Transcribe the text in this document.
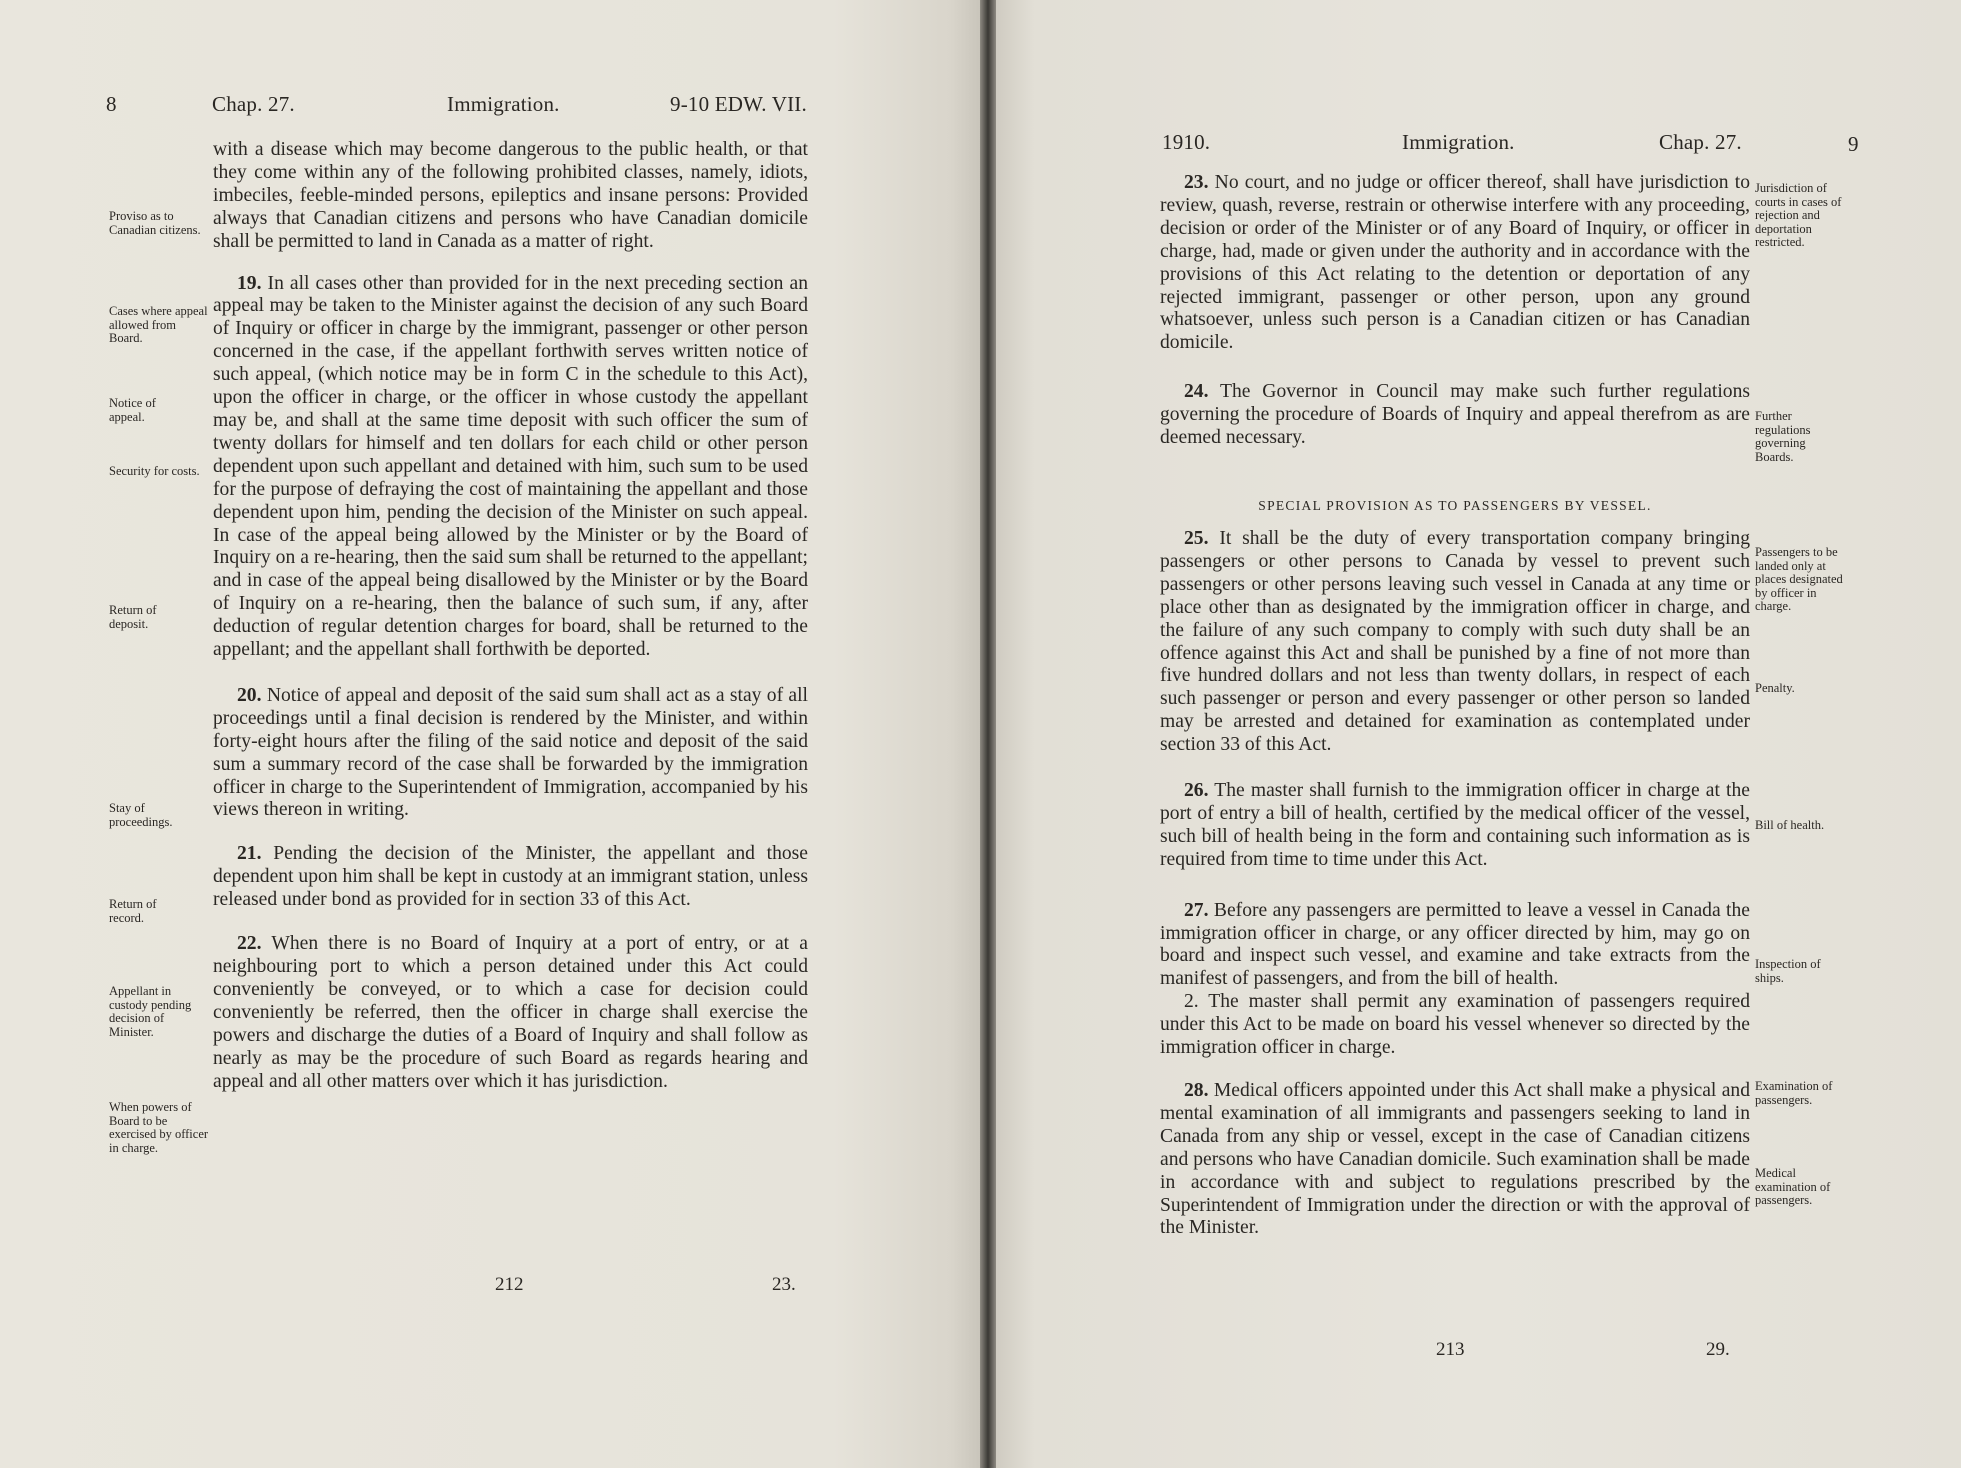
8	Chap. 27.	Immigration.	9-10 EDW. VII.

with a disease which may become dangerous to the public health, or that they come within any of the following prohibited classes, namely, idiots, imbeciles, feeble-minded persons, epileptics and insane persons: Provided always that Canadian citizens and persons who have Canadian domicile shall be permitted to land in Canada as a matter of right.

19. In all cases other than provided for in the next preceding section an appeal may be taken to the Minister against the decision of any such Board of Inquiry or officer in charge by the immigrant, passenger or other person concerned in the case, if the appellant forthwith serves written notice of such appeal, (which notice may be in form C in the schedule to this Act), upon the officer in charge, or the officer in whose custody the appellant may be, and shall at the same time deposit with such officer the sum of twenty dollars for himself and ten dollars for each child or other person dependent upon such appellant and detained with him, such sum to be used for the purpose of defraying the cost of maintaining the appellant and those dependent upon him, pending the decision of the Minister on such appeal. In case of the appeal being allowed by the Minister or by the Board of Inquiry on a re-hearing, then the said sum shall be returned to the appellant; and in case of the appeal being disallowed by the Minister or by the Board of Inquiry on a re-hearing, then the balance of such sum, if any, after deduction of regular detention charges for board, shall be returned to the appellant; and the appellant shall forthwith be deported.

20. Notice of appeal and deposit of the said sum shall act as a stay of all proceedings until a final decision is rendered by the Minister, and within forty-eight hours after the filing of the said notice and deposit of the said sum a summary record of the case shall be forwarded by the immigration officer in charge to the Superintendent of Immigration, accompanied by his views thereon in writing.

21. Pending the decision of the Minister, the appellant and those dependent upon him shall be kept in custody at an immigrant station, unless released under bond as provided for in section 33 of this Act.

22. When there is no Board of Inquiry at a port of entry, or at a neighbouring port to which a person detained under this Act could conveniently be conveyed, or to which a case for decision could conveniently be referred, then the officer in charge shall exercise the powers and discharge the duties of a Board of Inquiry and shall follow as nearly as may be the procedure of such Board as regards hearing and appeal and all other matters over which it has jurisdiction.

Proviso as to Canadian citizens.
Cases where appeal allowed from Board.
Notice of appeal.
Security for costs.
Return of deposit.
Stay of proceedings.
Return of record.
Appellant in custody pending decision of Minister.
When powers of Board to be exercised by officer in charge.
212	23.
1910.	Immigration.	Chap. 27.	9

23. No court, and no judge or officer thereof, shall have jurisdiction to review, quash, reverse, restrain or otherwise interfere with any proceeding, decision or order of the Minister or of any Board of Inquiry, or officer in charge, had, made or given under the authority and in accordance with the provisions of this Act relating to the detention or deportation of any rejected immigrant, passenger or other person, upon any ground whatsoever, unless such person is a Canadian citizen or has Canadian domicile.

24. The Governor in Council may make such further regulations governing the procedure of Boards of Inquiry and appeal therefrom as are deemed necessary.

25. It shall be the duty of every transportation company bringing passengers or other persons to Canada by vessel to prevent such passengers or other persons leaving such vessel in Canada at any time or place other than as designated by the immigration officer in charge, and the failure of any such company to comply with such duty shall be an offence against this Act and shall be punished by a fine of not more than five hundred dollars and not less than twenty dollars, in respect of each such passenger or person and every passenger or other person so landed may be arrested and detained for examination as contemplated under section 33 of this Act.

26. The master shall furnish to the immigration officer in charge at the port of entry a bill of health, certified by the medical officer of the vessel, such bill of health being in the form and containing such information as is required from time to time under this Act.

27. Before any passengers are permitted to leave a vessel in Canada the immigration officer in charge, or any officer directed by him, may go on board and inspect such vessel, and examine and take extracts from the manifest of passengers, and from the bill of health.

2. The master shall permit any examination of passengers required under this Act to be made on board his vessel whenever so directed by the immigration officer in charge.

28. Medical officers appointed under this Act shall make a physical and mental examination of all immigrants and passengers seeking to land in Canada from any ship or vessel, except in the case of Canadian citizens and persons who have Canadian domicile. Such examination shall be made in accordance with and subject to regulations prescribed by the Superintendent of Immigration under the direction or with the approval of the Minister.

SPECIAL PROVISION AS TO PASSENGERS BY VESSEL.
Jurisdiction of courts in cases of rejection and deportation restricted.
Further regulations governing Boards.
Passengers to be landed only at places designated by officer in charge.
Penalty.
Bill of health.
Inspection of ships.
Examination of passengers.
Medical examination of passengers.
213	29.
